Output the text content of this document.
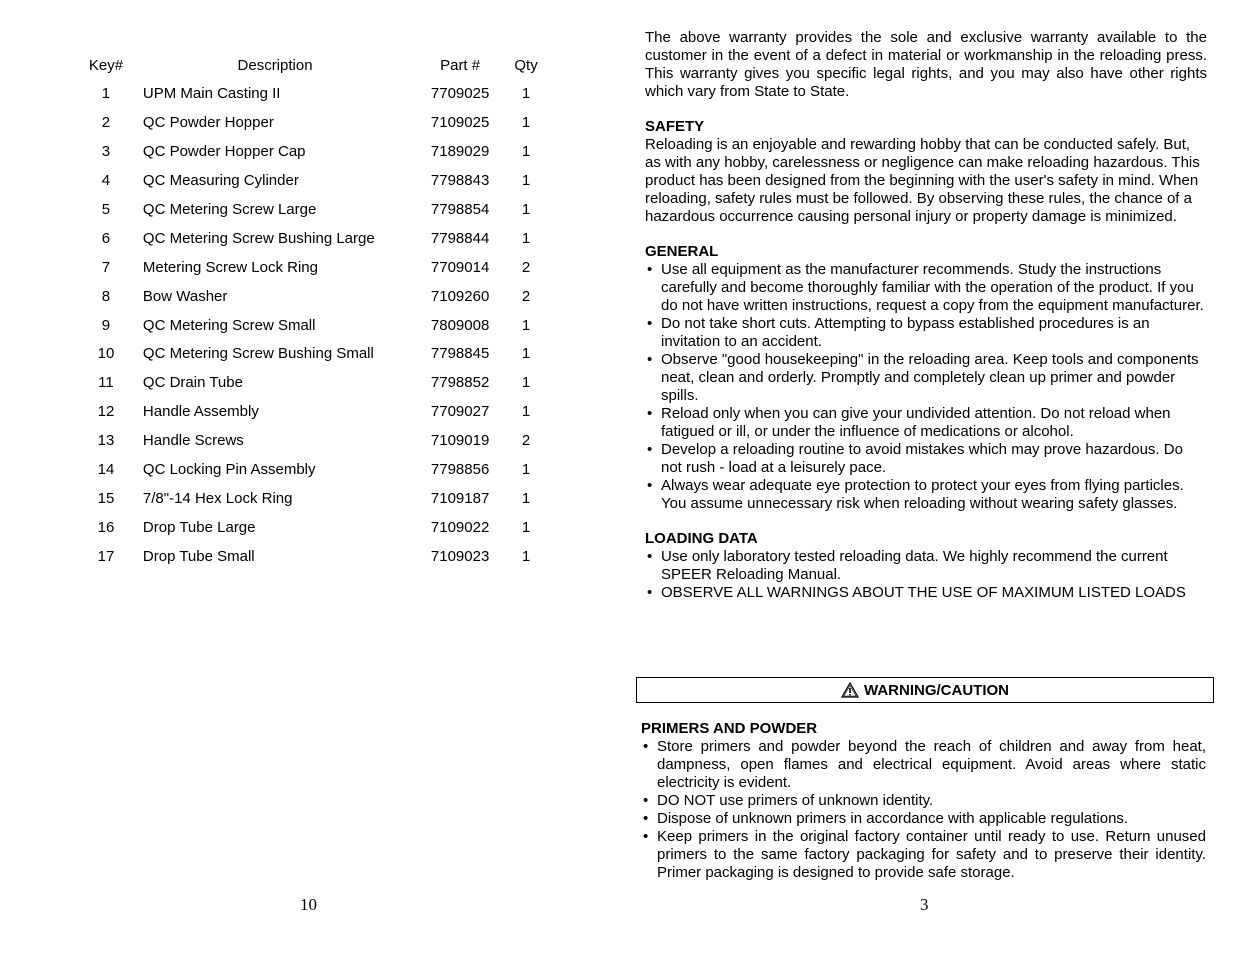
Key#	Description	Part #	Qty
1	UPM Main Casting II	7709025	1
2	QC Powder Hopper	7109025	1
3	QC Powder Hopper Cap	7189029	1
4	QC Measuring Cylinder	7798843	1
5	QC Metering Screw Large	7798854	1
6	QC Metering Screw Bushing Large	7798844	1
7	Metering Screw Lock Ring	7709014	2
8	Bow Washer	7109260	2
9	QC Metering Screw Small	7809008	1
10	QC Metering Screw Bushing Small	7798845	1
11	QC Drain Tube	7798852	1
12	Handle Assembly	7709027	1
13	Handle Screws	7109019	2
14	QC Locking Pin Assembly	7798856	1
15	7/8"-14 Hex Lock Ring	7109187	1
16	Drop Tube Large	7109022	1
17	Drop Tube Small	7109023	1
10	3

The above warranty provides the sole and exclusive warranty available to the customer in the event of a defect in material or workmanship in the reloading press. This warranty gives you specific legal rights, and you may also have other rights which vary from State to State.

SAFETY

Reloading is an enjoyable and rewarding hobby that can be conducted safely. But, as with any hobby, carelessness or negligence can make reloading hazardous. This product has been designed from the beginning with the user's safety in mind. When reloading, safety rules must be followed. By observing these rules, the chance of a hazardous occurrence causing personal injury or property damage is minimized.

GENERAL

• Use all equipment as the manufacturer recommends. Study the instructions carefully and become thoroughly familiar with the operation of the product. If you do not have written instructions, request a copy from the equipment manufacturer.
• Do not take short cuts. Attempting to bypass established procedures is an invitation to an accident.
• Observe "good housekeeping" in the reloading area. Keep tools and components neat, clean and orderly. Promptly and completely clean up primer and powder spills.
• Reload only when you can give your undivided attention. Do not reload when fatigued or ill, or under the influence of medications or alcohol.
• Develop a reloading routine to avoid mistakes which may prove hazardous. Do not rush - load at a leisurely pace.
• Always wear adequate eye protection to protect your eyes from flying particles. You assume unnecessary risk when reloading without wearing safety glasses.

LOADING DATA

• Use only laboratory tested reloading data. We highly recommend the current SPEER Reloading Manual.
• OBSERVE ALL WARNINGS ABOUT THE USE OF MAXIMUM LISTED LOADS
WARNING/CAUTION

PRIMERS AND POWDER

• Store primers and powder beyond the reach of children and away from heat, dampness, open flames and electrical equipment. Avoid areas where static electricity is evident.
• DO NOT use primers of unknown identity.
• Dispose of unknown primers in accordance with applicable regulations.
• Keep primers in the original factory container until ready to use. Return unused primers to the same factory packaging for safety and to preserve their identity. Primer packaging is designed to provide safe storage.
